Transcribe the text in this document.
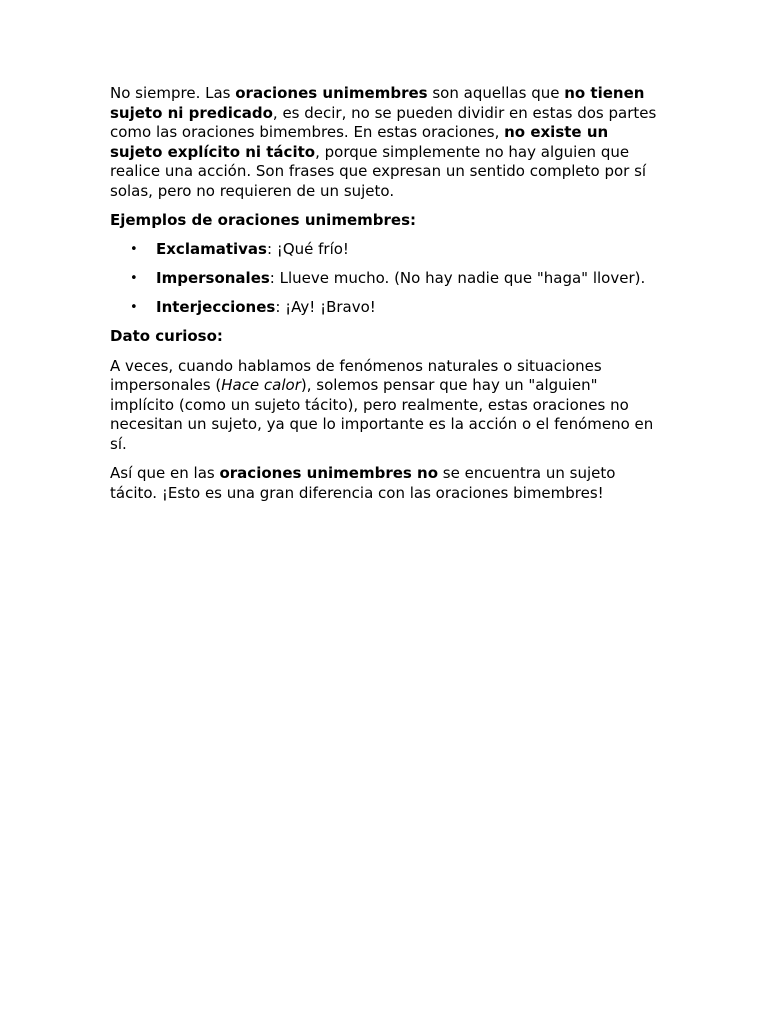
No siempre. Las oraciones unimembres son aquellas que no tienen sujeto ni predicado, es decir, no se pueden dividir en estas dos partes como las oraciones bimembres. En estas oraciones, no existe un sujeto explícito ni tácito, porque simplemente no hay alguien que realice una acción. Son frases que expresan un sentido completo por sí solas, pero no requieren de un sujeto.

Ejemplos de oraciones unimembres:

• Exclamativas: ¡Qué frío!
• Impersonales: Llueve mucho. (No hay nadie que "haga" llover).
• Interjecciones: ¡Ay! ¡Bravo!

Dato curioso:

A veces, cuando hablamos de fenómenos naturales o situaciones impersonales (Hace calor), solemos pensar que hay un "alguien" implícito (como un sujeto tácito), pero realmente, estas oraciones no necesitan un sujeto, ya que lo importante es la acción o el fenómeno en sí.

Así que en las oraciones unimembres no se encuentra un sujeto tácito. ¡Esto es una gran diferencia con las oraciones bimembres!
